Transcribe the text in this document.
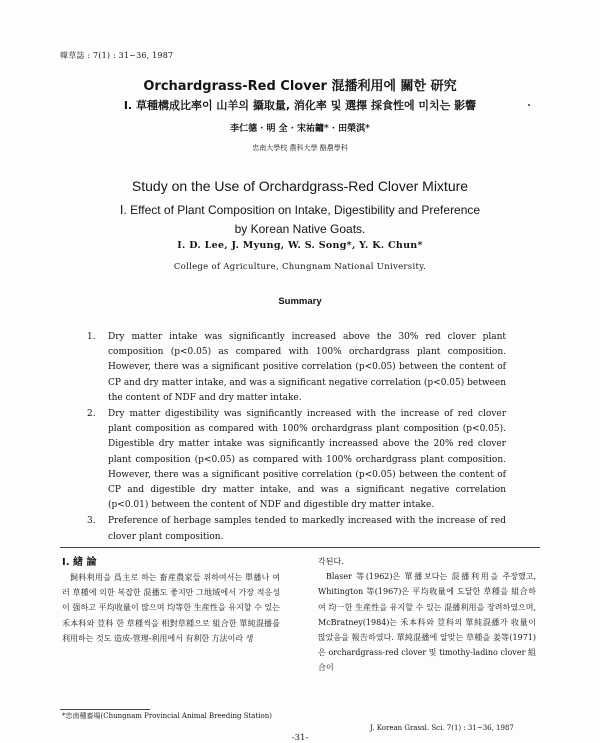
韓草誌 : 7(1) : 31~36, 1987
Orchardgrass-Red Clover 混播利用에 關한 研究
Ⅰ. 草種構成比率이 山羊의 攝取量, 消化率 및 選擇 採食性에 미치는 影響
李仁德 · 明 全 · 宋祐鏞* · 田榮淇*
忠南大學校 農科大學 酪農學科
Study on the Use of Orchardgrass-Red Clover Mixture
Ⅰ. Effect of Plant Composition on Intake, Digestibility and Preference
by Korean Native Goats.
I. D. Lee, J. Myung, W. S. Song*, Y. K. Chun*
College of Agriculture, Chungnam National University.
Summary
1. Dry matter intake was significantly increased above the 30% red clover plant composition (p<0.05) as compared with 100% orchardgrass plant composition. However, there was a significant positive correlation (p<0.05) between the content of CP and dry matter intake, and was a significant negative correlation (p<0.05) between the content of NDF and dry matter intake.
2. Dry matter digestibility was significantly increased with the increase of red clover plant composition as compared with 100% orchardgrass plant composition (p<0.05). Digestible dry matter intake was significantly increassed above the 20% red clover plant composition (p<0.05) as compared with 100% orchardgrass plant composition. However, there was a significant positive correlation (p<0.05) between the content of CP and digestible dry matter intake, and was a significant negative correlation (p<0.01) between the content of NDF and digestible dry matter intake.
3. Preference of herbage samples tended to markedly increased with the increase of red clover plant composition.
Ⅰ. 緖 論
飼料利用을 爲主로 하는 畜産農家들 위하여서는 單播나 여러 草種에 의한 복잡한 混播도 좋지만 그地域에서 가장 적응성이 强하고 平均收量이 많으며 均等한 生産性을 유지할 수 있는 禾本科와 荳科 한 草種씩을 相對草種으로 組合한 單純混播를 利用하는 것도 造成-管理-利用에서 有利한 方法이라 생

각된다.

Blaser 等(1962)은 單播보다는 混播利用을 주장했고, Whitington 等(1967)은 平均收量에 도달한 草種을 組合하여 均一한 生産性을 유지할 수 있는 混播利用을 장려하였으며, McBratney(1984)는 禾本科와 荳科의 單純混播가 收量이 많았음을 報告하였다. 單純混播에 알맞는 草種을 姜等(1971)은 orchardgrass-red clover 및 timothy-ladino clover 組合이

*忠南種畜場(Chungnam Provincial Animal Breeding Station)
J. Korean Grassl. Sci. 7(1) : 31~36, 1987
-31-
